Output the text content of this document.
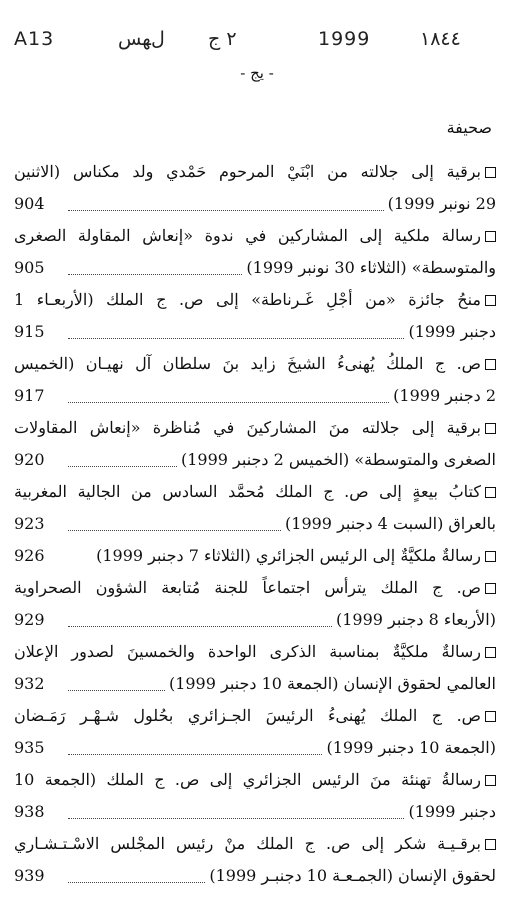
A13	ﻝﻬﺲ ٢ ج	1999	١٨٤٤
- يج -
صحيفة
برقية إلى جلالته من ابْنَيْ المرحوم حَمْدي ولد مكناس (الاثنين
904	29 نونبر 1999)
رسالة ملكية إلى المشاركين في ندوة «إنعاش المقاولة الصغرى
905	والمتوسطة» (الثلاثاء 30 نونبر 1999)
منحُ جائزة «من أجْلِ غَـرناطة» إلى ص. ج الملك (الأربعـاء 1
915	دجنبر 1999)
ص. ج الملكُ يُهنىءُ الشيخَ زايد بنَ سلطان آل نهيـان (الخميس
917	2 دجنبر 1999)
برقية إلى جلالته منَ المشاركينَ في مُناظرة «إنعاش المقاولات
920	الصغرى والمتوسطة» (الخميس 2 دجنبر 1999)
كتابُ بيعةٍ إلى ص. ج الملك مُحمَّد السادس من الجالية المغربية
923	بالعراق (السبت 4 دجنبر 1999)
926	رسالةٌ ملكيَّةٌ إلى الرئيس الجزائري (الثلاثاء 7 دجنبر 1999)
ص. ج الملك يترأس اجتماعاً للجنة مُتابعة الشؤون الصحراوية
929	(الأربعاء 8 دجنبر 1999)
رسالةٌ ملكيَّةٌ بمناسبة الذكرى الواحدة والخمسينَ لصدور الإعلان
932	العالمي لحقوق الإنسان (الجمعة 10 دجنبر 1999)
ص. ج الملك يُهنىءُ الرئيسَ الجـزائري بحُلول شـهْـر رَمَـضان
935	(الجمعة 10 دجنبر 1999)
رسالةُ تهنئة منَ الرئيس الجزائري إلى ص. ج الملك (الجمعة 10
938	دجنبر 1999)
برقـيـة شكر إلى ص. ج الملك منْ رئيس المجْلس الاسْـتـشـاري
939	لحقوق الإنسان (الجمـعـة 10 دجنبـر 1999)
